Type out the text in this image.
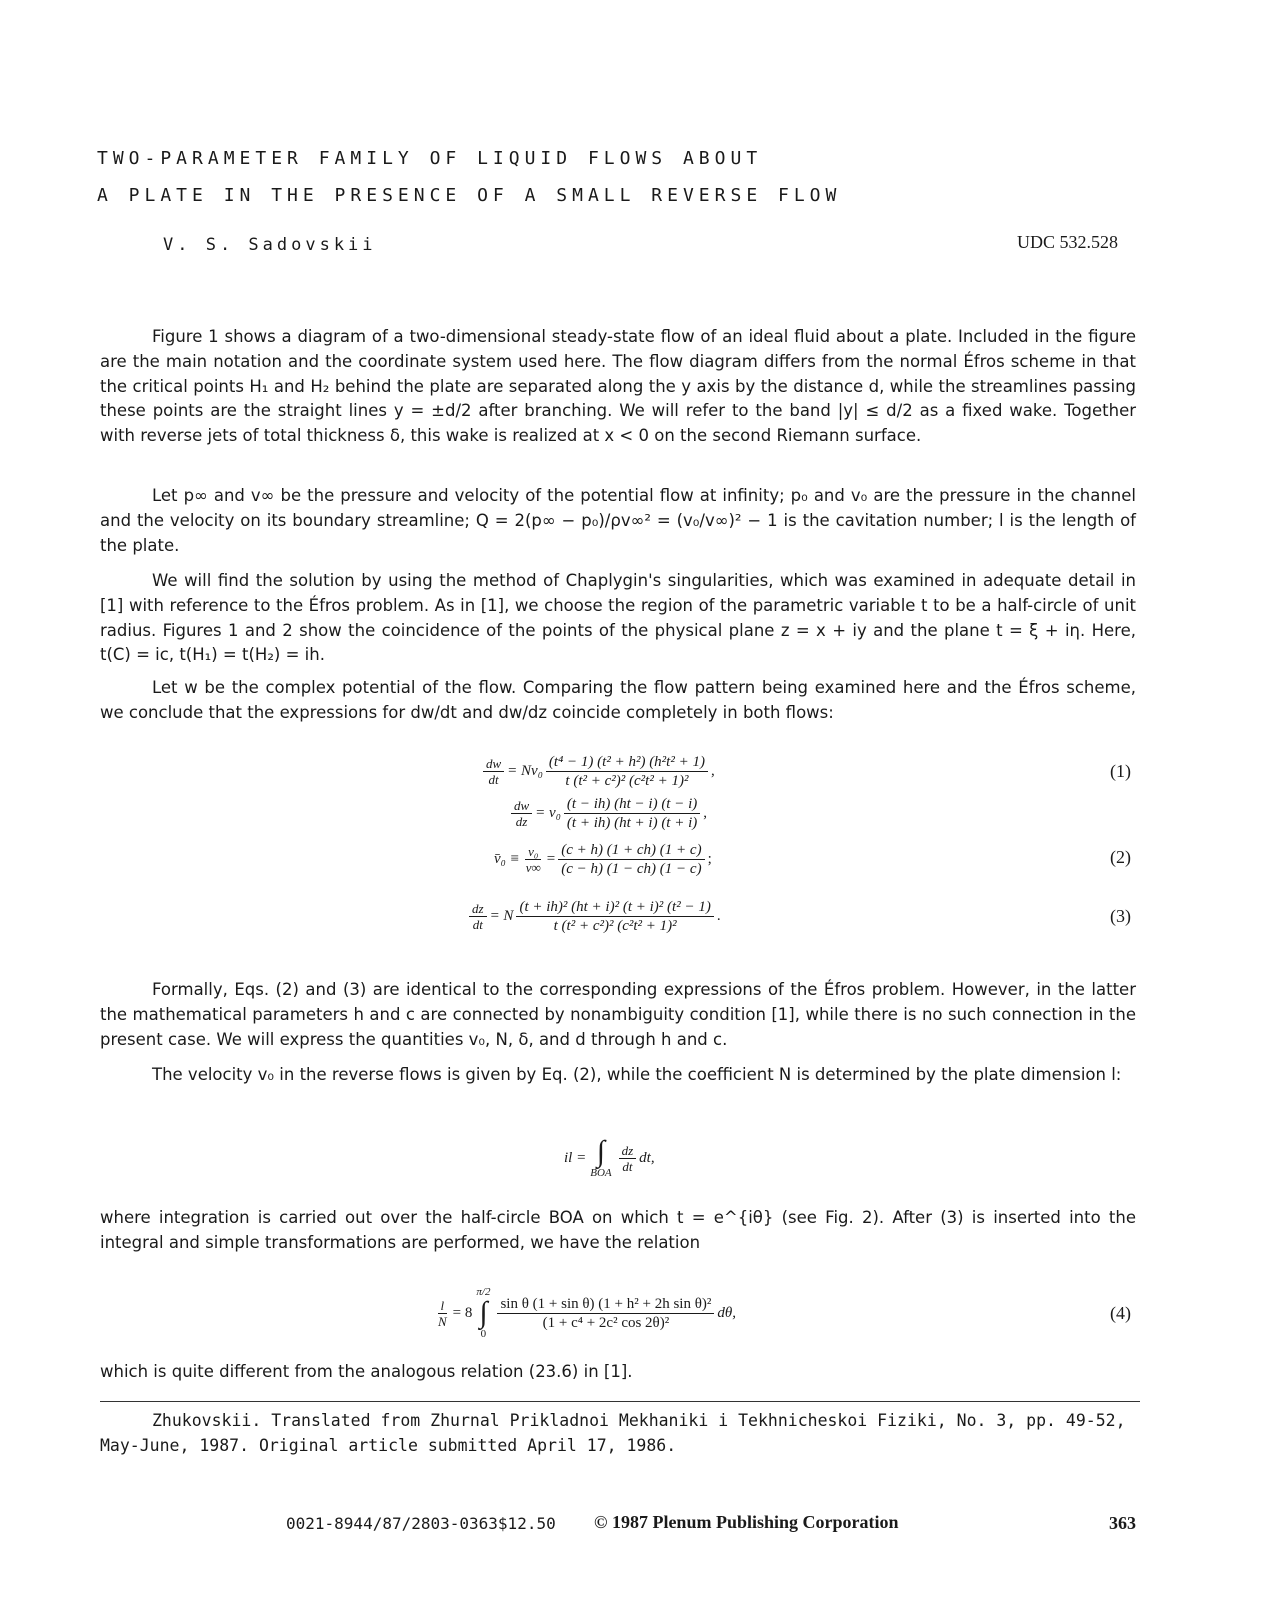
TWO-PARAMETER FAMILY OF LIQUID FLOWS ABOUT
A PLATE IN THE PRESENCE OF A SMALL REVERSE FLOW
V. S. Sadovskii	UDC 532.528
Figure 1 shows a diagram of a two-dimensional steady-state flow of an ideal fluid about a plate. Included in the figure are the main notation and the coordinate system used here. The flow diagram differs from the normal Éfros scheme in that the critical points H₁ and H₂ behind the plate are separated along the y axis by the distance d, while the streamlines passing these points are the straight lines y = ±d/2 after branching. We will refer to the band |y| ≤ d/2 as a fixed wake. Together with reverse jets of total thickness δ, this wake is realized at x < 0 on the second Riemann surface.
Let p∞ and v∞ be the pressure and velocity of the potential flow at infinity; p₀ and v₀ are the pressure in the channel and the velocity on its boundary streamline; Q = 2(p∞ − p₀)/ρv∞² = (v₀/v∞)² − 1 is the cavitation number; l is the length of the plate.
We will find the solution by using the method of Chaplygin's singularities, which was examined in adequate detail in [1] with reference to the Éfros problem. As in [1], we choose the region of the parametric variable t to be a half-circle of unit radius. Figures 1 and 2 show the coincidence of the points of the physical plane z = x + iy and the plane t = ξ + iη. Here, t(C) = ic, t(H₁) = t(H₂) = ih.
Let w be the complex potential of the flow. Comparing the flow pattern being examined here and the Éfros scheme, we conclude that the expressions for dw/dt and dw/dz coincide completely in both flows:
$\frac{dw}{dt} = Nv_0 \frac{\text{(t⁴ − 1) (t² + h²) (h²t² + 1)}}{\text{t (t² + c²)² (c²t² + 1)²}}$ ,	(1)
$\frac{dw}{dz} = v_0 \frac{(t - ih) (ht - i) (t - i)}{(t + ih) (ht + i) (t + i)}$ ,
v̄₀ ≡ $\frac{\text{v₀}}{v\infty} = \frac{(c + h) (1 + ch) (1 + c)}{(c - h) (1 - ch) (1 - c)}$ ;	(2)
$\frac{dz}{dt} = N \frac{\text{(t + ih)² (ht + i)² (t + i)² (t² − 1)}}{\text{t (t² + c²)² (c²t² + 1)²}}$ .	(3)
Formally, Eqs. (2) and (3) are identical to the corresponding expressions of the Éfros problem. However, in the latter the mathematical parameters h and c are connected by nonambiguity condition [1], while there is no such connection in the present case. We will express the quantities v₀, N, δ, and d through h and c.
The velocity v₀ in the reverse flows is given by Eq. (2), while the coefficient N is determined by the plate dimension l:
il = ∫
BOA $\frac{dz}{dt}$ dt,
where integration is carried out over the half-circle BOA on which t = e^{iθ} (see Fig. 2). After (3) is inserted into the integral and simple transformations are performed, we have the relation
$\frac{l}{N} = 8$
π/2
∫
0
$\frac{\text{sin θ (1 + sin θ) (1 + h² + 2h sin θ)²}}{\text{(1 + c⁴ + 2c² cos 2θ)²}} d\theta$,	(4)
which is quite different from the analogous relation (23.6) in [1].
Zhukovskii. Translated from Zhurnal Prikladnoi Mekhaniki i Tekhnicheskoi Fiziki, No. 3, pp. 49-52, May-June, 1987. Original article submitted April 17, 1986.
0021-8944/87/2803-0363$12.50 © 1987 Plenum Publishing Corporation	363
